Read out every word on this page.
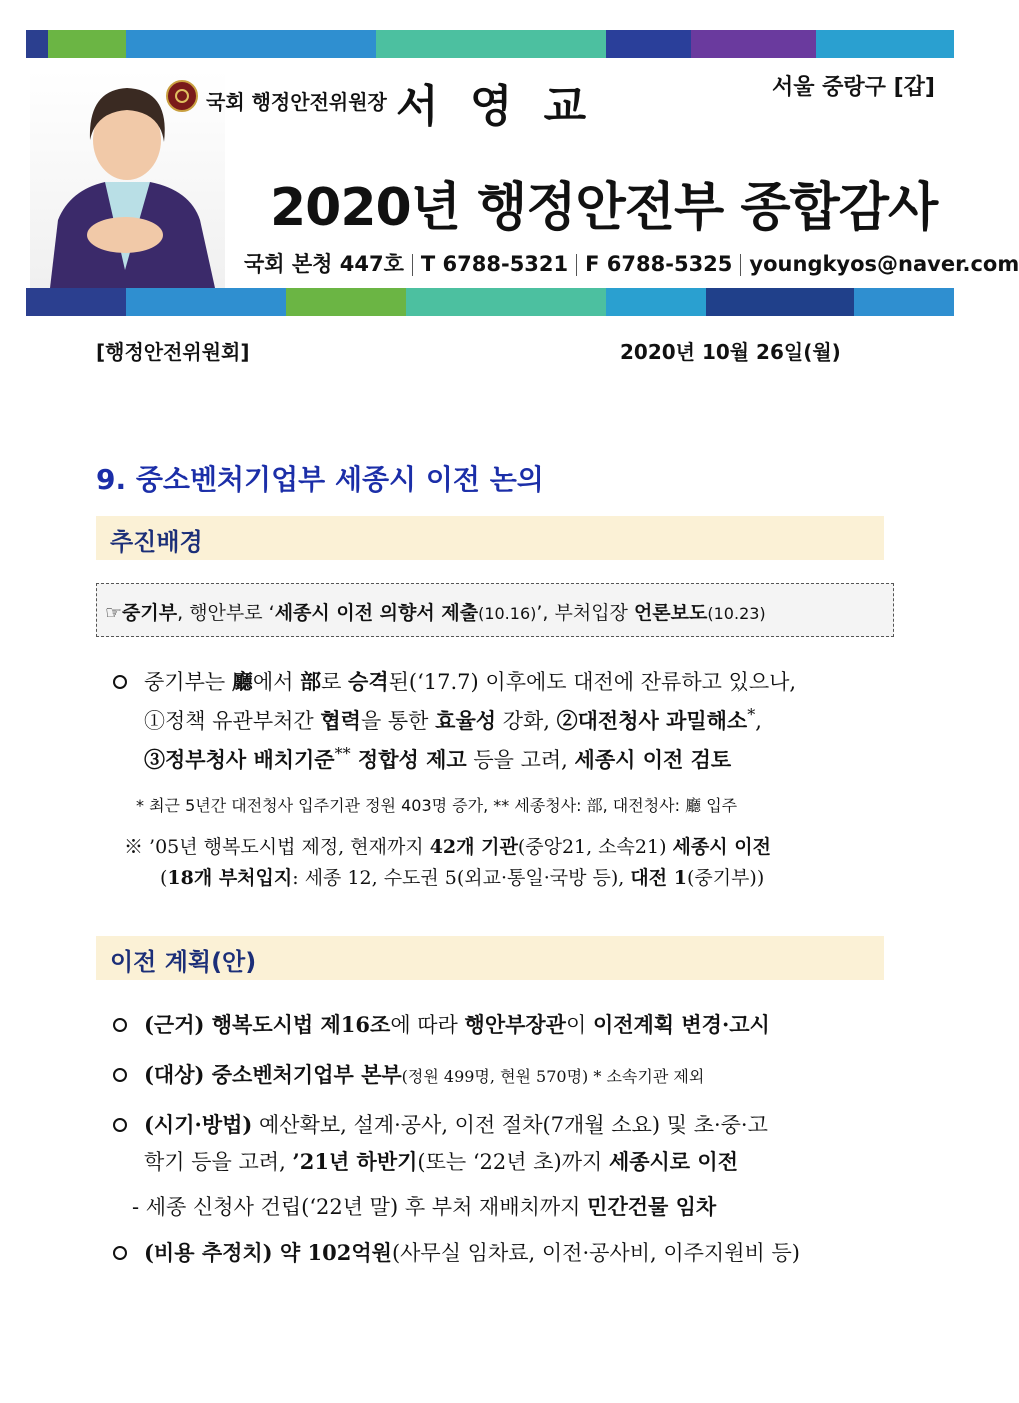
국회 행정안전위원장 서 영 교	서울 중랑구 [갑]
2020년 행정안전부 종합감사
국회 본청 447호 T 6788-5321 F 6788-5325 youngkyos@naver.com
[행정안전위원회]	2020년 10월 26일(월)
9. 중소벤처기업부 세종시 이전 논의
추진배경
☞중기부, 행안부로 ‘세종시 이전 의향서 제출(10.16)’, 부처입장 언론보도(10.23)
중기부는 廳에서 部로 승격된(‘17.7) 이후에도 대전에 잔류하고 있으나,
①정책 유관부처간 협력을 통한 효율성 강화, ②대전청사 과밀해소*,
③정부청사 배치기준** 정합성 제고 등을 고려, 세종시 이전 검토
* 최근 5년간 대전청사 입주기관 정원 403명 증가, ** 세종청사: 部, 대전청사: 廳 입주
※ ’05년 행복도시법 제정, 현재까지 42개 기관(중앙21, 소속21) 세종시 이전
(18개 부처입지: 세종 12, 수도권 5(외교·통일·국방 등), 대전 1(중기부))
이전 계획(안)
(근거) 행복도시법 제16조에 따라 행안부장관이 이전계획 변경·고시
(대상) 중소벤처기업부 본부(정원 499명, 현원 570명) * 소속기관 제외
(시기·방법) 예산확보, 설계·공사, 이전 절차(7개월 소요) 및 초·중·고
학기 등을 고려, ’21년 하반기(또는 ‘22년 초)까지 세종시로 이전
- 세종 신청사 건립(‘22년 말) 후 부처 재배치까지 민간건물 임차
(비용 추정치) 약 102억원(사무실 임차료, 이전·공사비, 이주지원비 등)
